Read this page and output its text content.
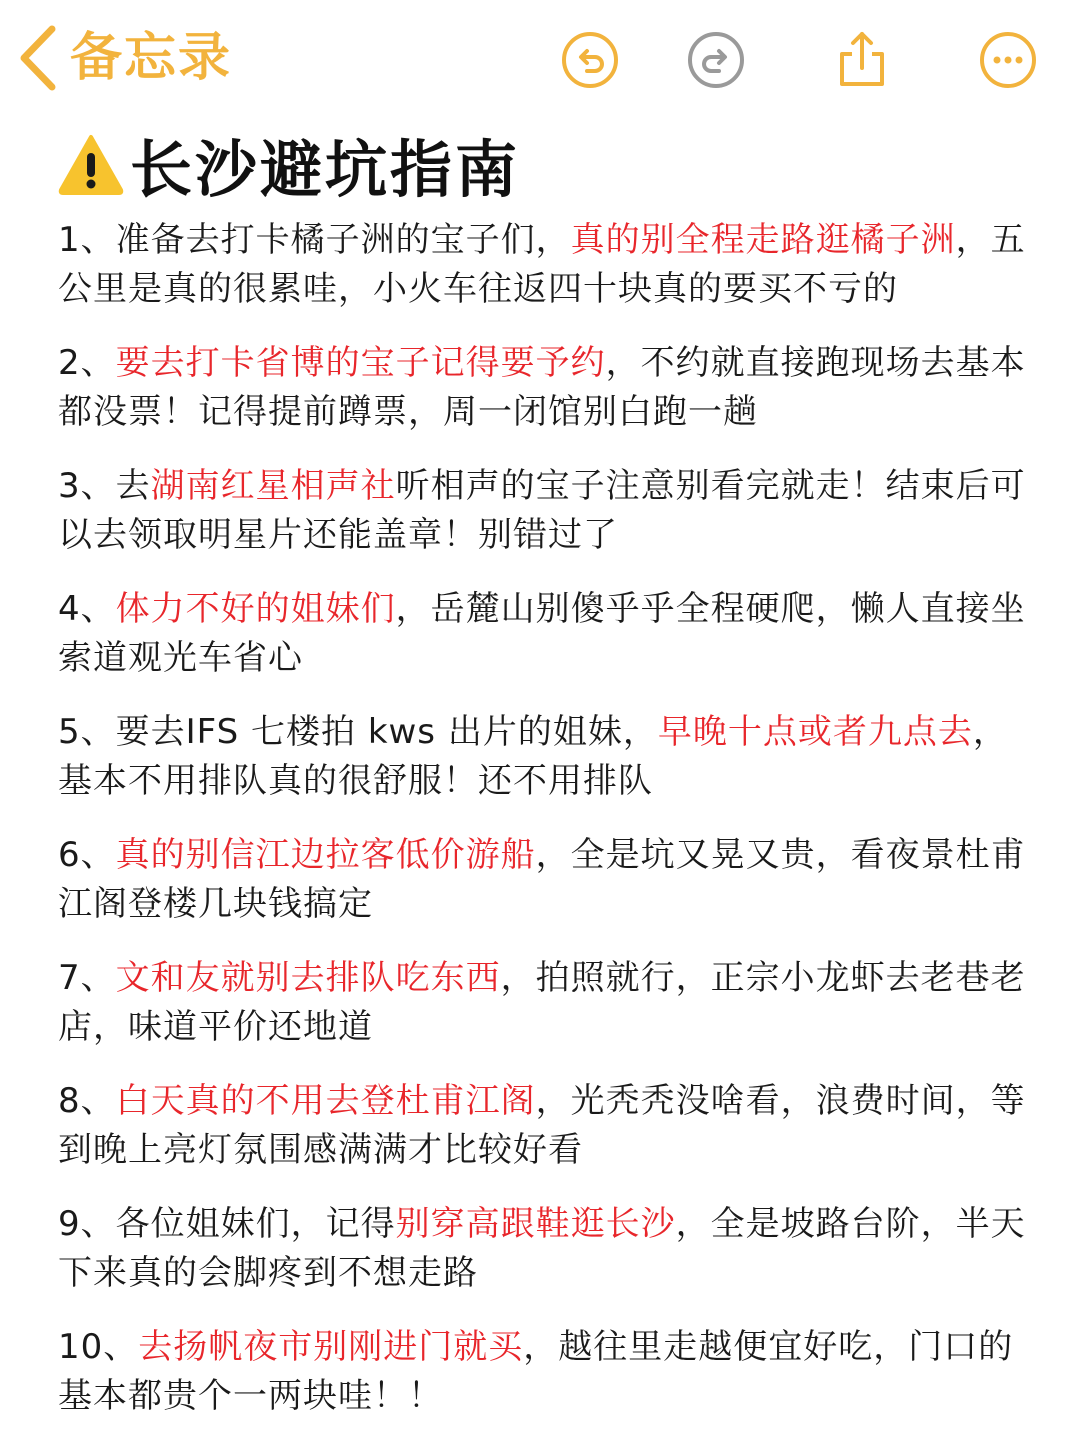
备忘录
长沙避坑指南

1、准备去打卡橘子洲的宝子们，真的别全程走路逛橘子洲，五公里是真的很累哇，小火车往返四十块真的要买不亏的

2、要去打卡省博的宝子记得要予约，不约就直接跑现场去基本都没票！记得提前蹲票，周一闭馆别白跑一趟

3、去湖南红星相声社听相声的宝子注意别看完就走！结束后可以去领取明星片还能盖章！别错过了

4、体力不好的姐妹们，岳麓山别傻乎乎全程硬爬，懒人直接坐索道观光车省心

5、要去IFS 七楼拍 kws 出片的姐妹，早晚十点或者九点去，基本不用排队真的很舒服！还不用排队

6、真的别信江边拉客低价游船，全是坑又晃又贵，看夜景杜甫江阁登楼几块钱搞定

7、文和友就别去排队吃东西，拍照就行，正宗小龙虾去老巷老店，味道平价还地道

8、白天真的不用去登杜甫江阁，光秃秃没啥看，浪费时间，等到晚上亮灯氛围感满满才比较好看

9、各位姐妹们，记得别穿高跟鞋逛长沙，全是坡路台阶，半天下来真的会脚疼到不想走路

10、去扬帆夜市别刚进门就买，越往里走越便宜好吃，门口的基本都贵个一两块哇！！
